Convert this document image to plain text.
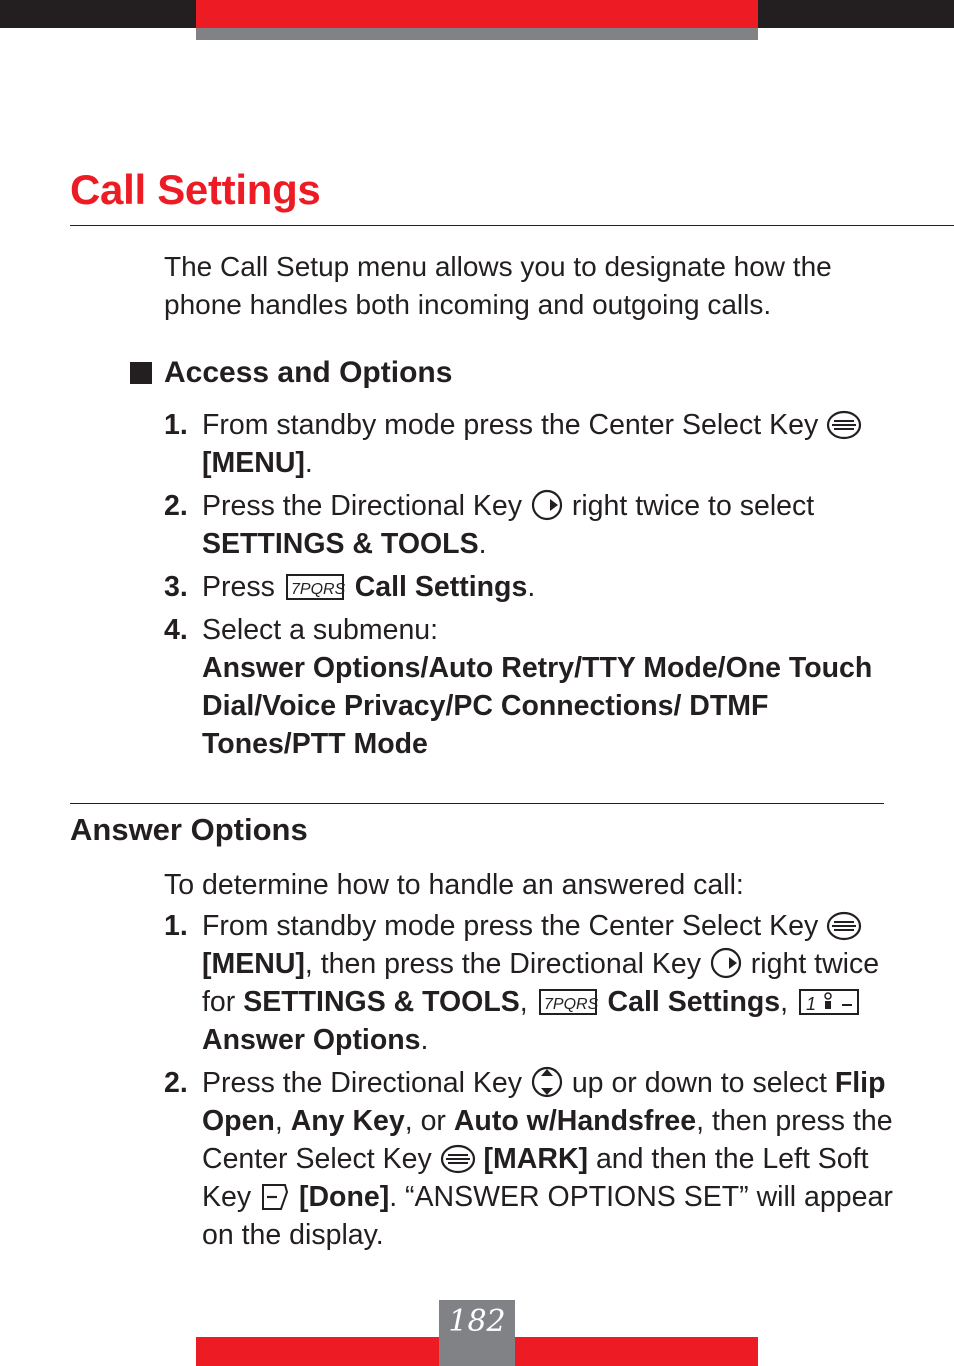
Call Settings

The Call Setup menu allows you to designate how the phone handles both incoming and outgoing calls.

Access and Options
1. From standby mode press the Center Select Key  [MENU].
2. Press the Directional Key right twice to select SETTINGS & TOOLS.
3. Press 7PQRS Call Settings.
4. Select a submenu:
Answer Options/Auto Retry/TTY Mode/One Touch Dial/Voice Privacy/PC Connections/ DTMF Tones/PTT Mode
Answer Options

To determine how to handle an answered call:

1. From standby mode press the Center Select Key  [MENU], then press the Directional Key right twice for SETTINGS & TOOLS, 7PQRS Call Settings, 1
Answer Options.
2. Press the Directional Key up or down to select Flip Open, Any Key, or Auto w/Handsfree, then press the Center Select Key [MARK] and then the Left Soft Key [Done]. “ANSWER OPTIONS SET” will appear on the display.
182
